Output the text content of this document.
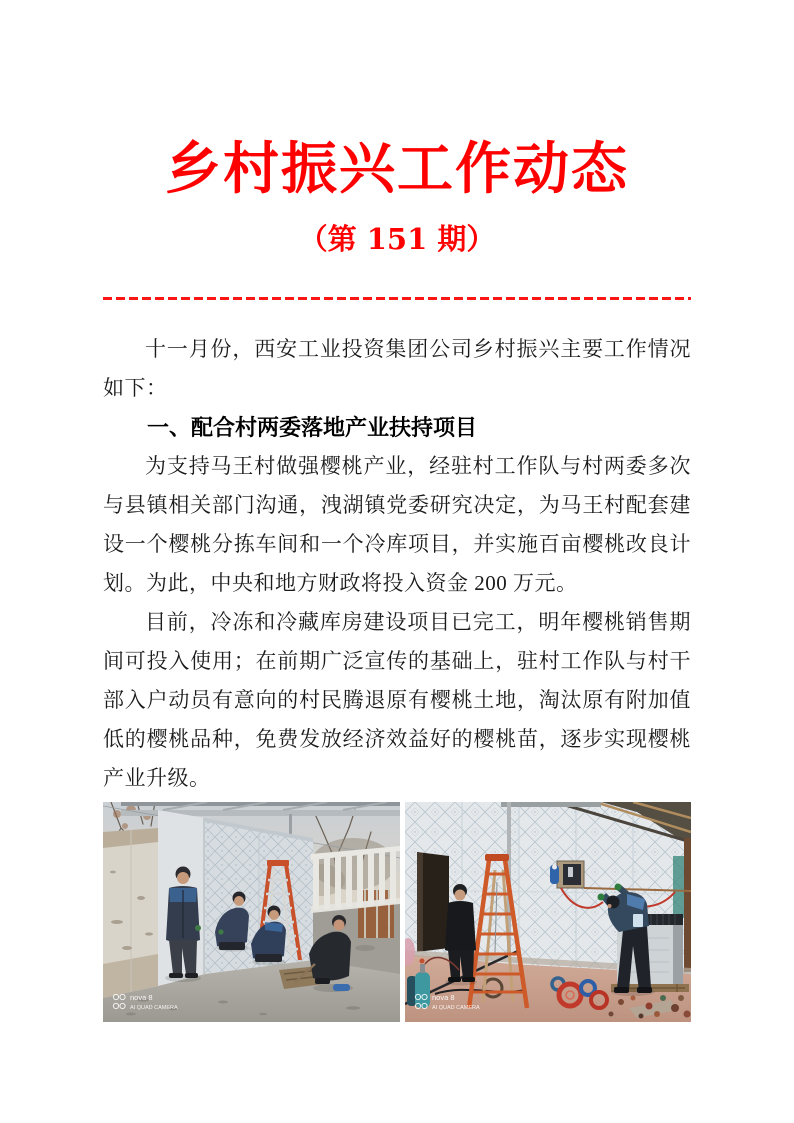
乡村振兴工作动态
（第 151 期）

十一月份，西安工业投资集团公司乡村振兴主要工作情况如下：

一、配合村两委落地产业扶持项目

为支持马王村做强樱桃产业，经驻村工作队与村两委多次与县镇相关部门沟通，洩湖镇党委研究决定，为马王村配套建设一个樱桃分拣车间和一个冷库项目，并实施百亩樱桃改良计划。为此，中央和地方财政将投入资金 200 万元。

目前，冷冻和冷藏库房建设项目已完工，明年樱桃销售期间可投入使用；在前期广泛宣传的基础上，驻村工作队与村干部入户动员有意向的村民腾退原有樱桃土地，淘汰原有附加值低的樱桃品种，免费发放经济效益好的樱桃苗，逐步实现樱桃产业升级。

nova 8
AI QUAD CAMERA
nova 8
AI QUAD CAMERA
